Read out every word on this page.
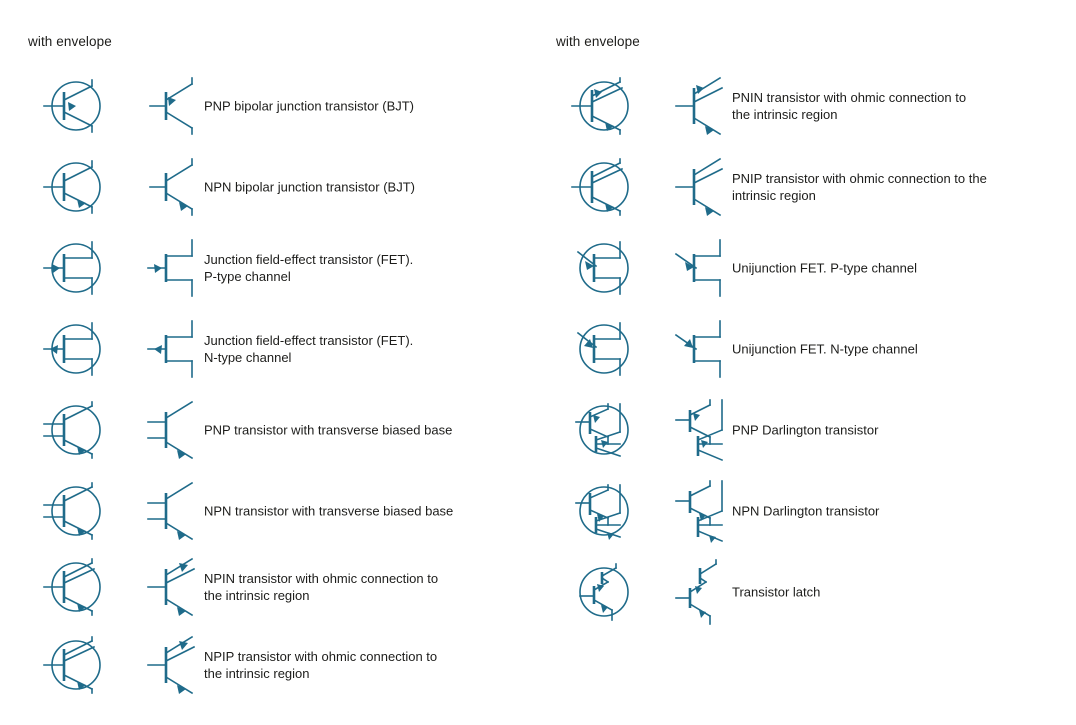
with envelope
PNP bipolar junction transistor (BJT)
NPN bipolar junction transistor (BJT)
Junction field-effect transistor (FET).
P-type channel
Junction field-effect transistor (FET).
N-type channel
PNP transistor with transverse biased base
NPN transistor with transverse biased base
NPIN transistor with ohmic connection to
the intrinsic region
NPIP transistor with ohmic connection to
the intrinsic region
with envelope
PNIN transistor with ohmic connection to
the intrinsic region
PNIP transistor with ohmic connection to the
intrinsic region
Unijunction FET. P-type channel
Unijunction FET. N-type channel
PNP Darlington transistor
NPN Darlington transistor
Transistor latch
